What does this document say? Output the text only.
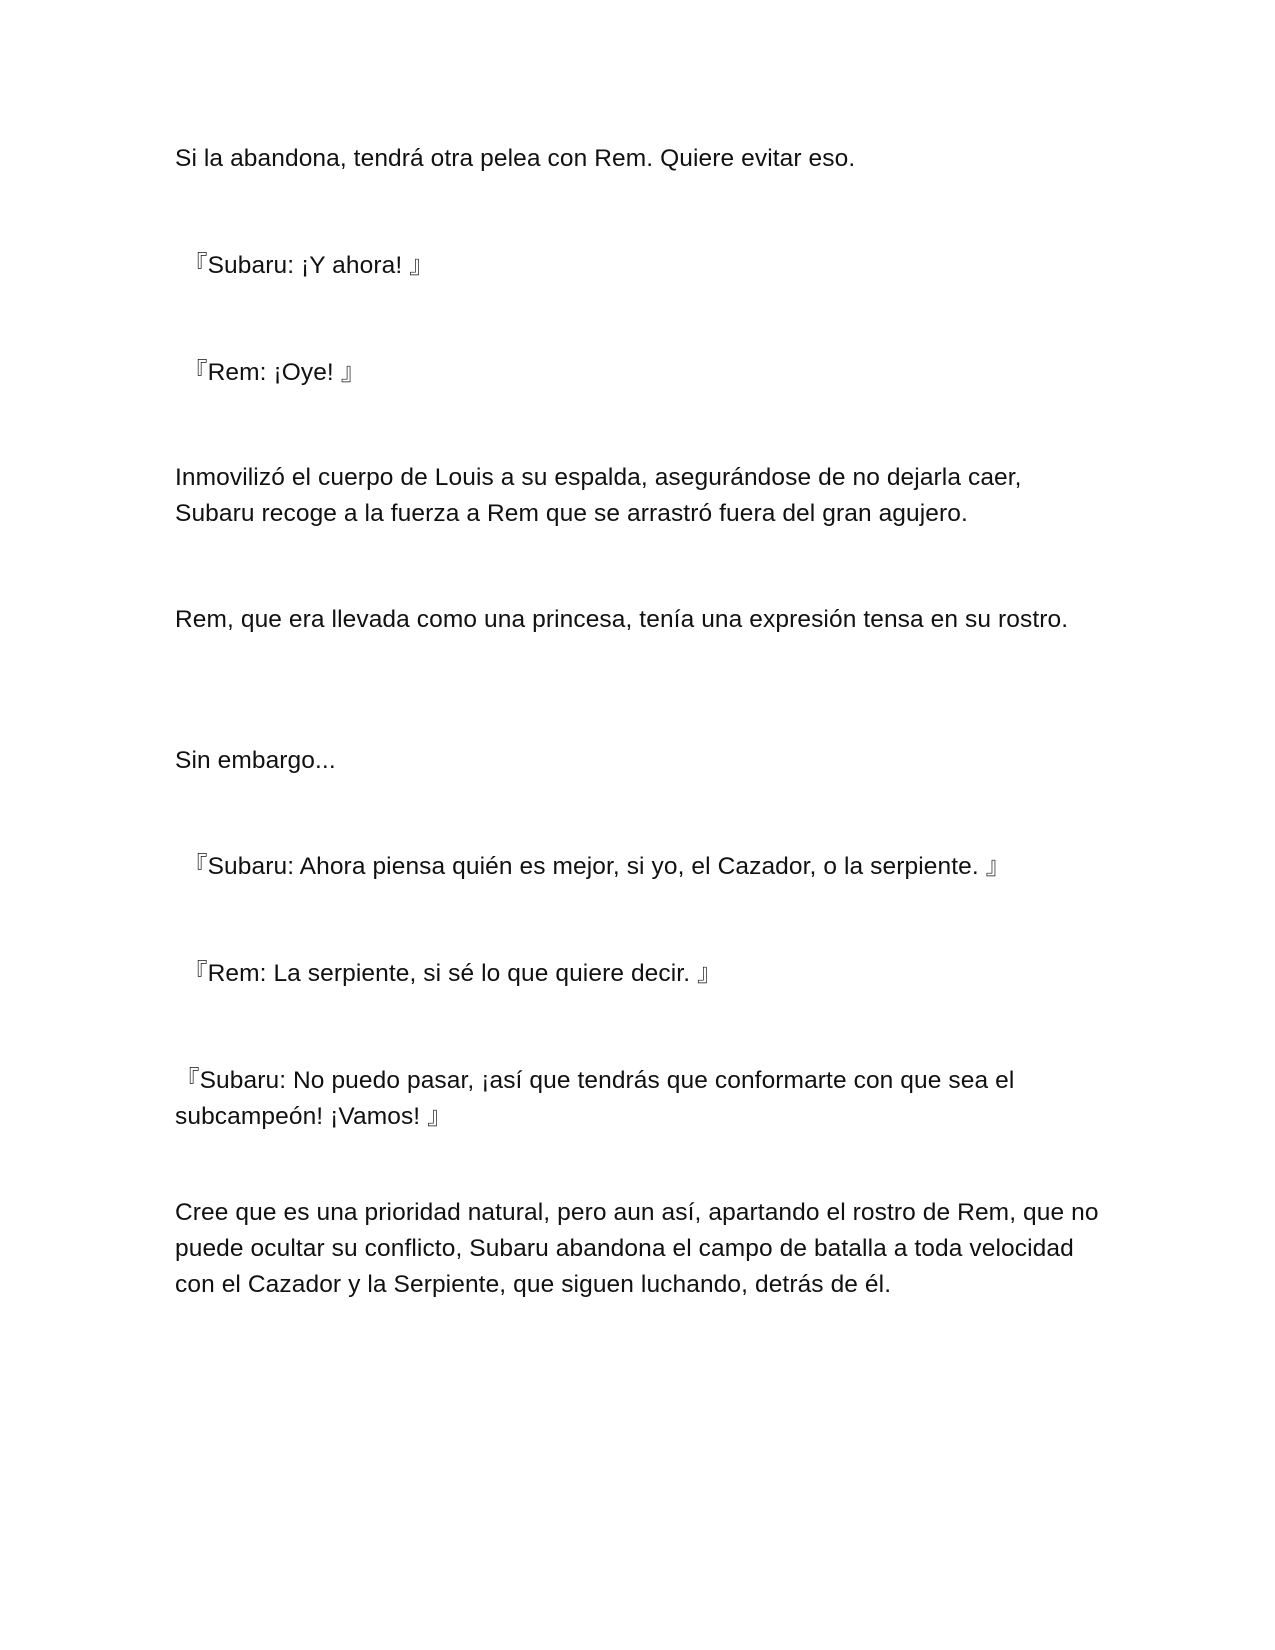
Si la abandona, tendrá otra pelea con Rem. Quiere evitar eso.

『Subaru: ¡Y ahora! 』

『Rem: ¡Oye! 』

Inmovilizó el cuerpo de Louis a su espalda, asegurándose de no dejarla caer, Subaru recoge a la fuerza a Rem que se arrastró fuera del gran agujero.

Rem, que era llevada como una princesa, tenía una expresión tensa en su rostro.

Sin embargo...

『Subaru: Ahora piensa quién es mejor, si yo, el Cazador, o la serpiente. 』

『Rem: La serpiente, si sé lo que quiere decir. 』

『Subaru: No puedo pasar, ¡así que tendrás que conformarte con que sea el subcampeón! ¡Vamos! 』

Cree que es una prioridad natural, pero aun así, apartando el rostro de Rem, que no puede ocultar su conflicto, Subaru abandona el campo de batalla a toda velocidad con el Cazador y la Serpiente, que siguen luchando, detrás de él.
